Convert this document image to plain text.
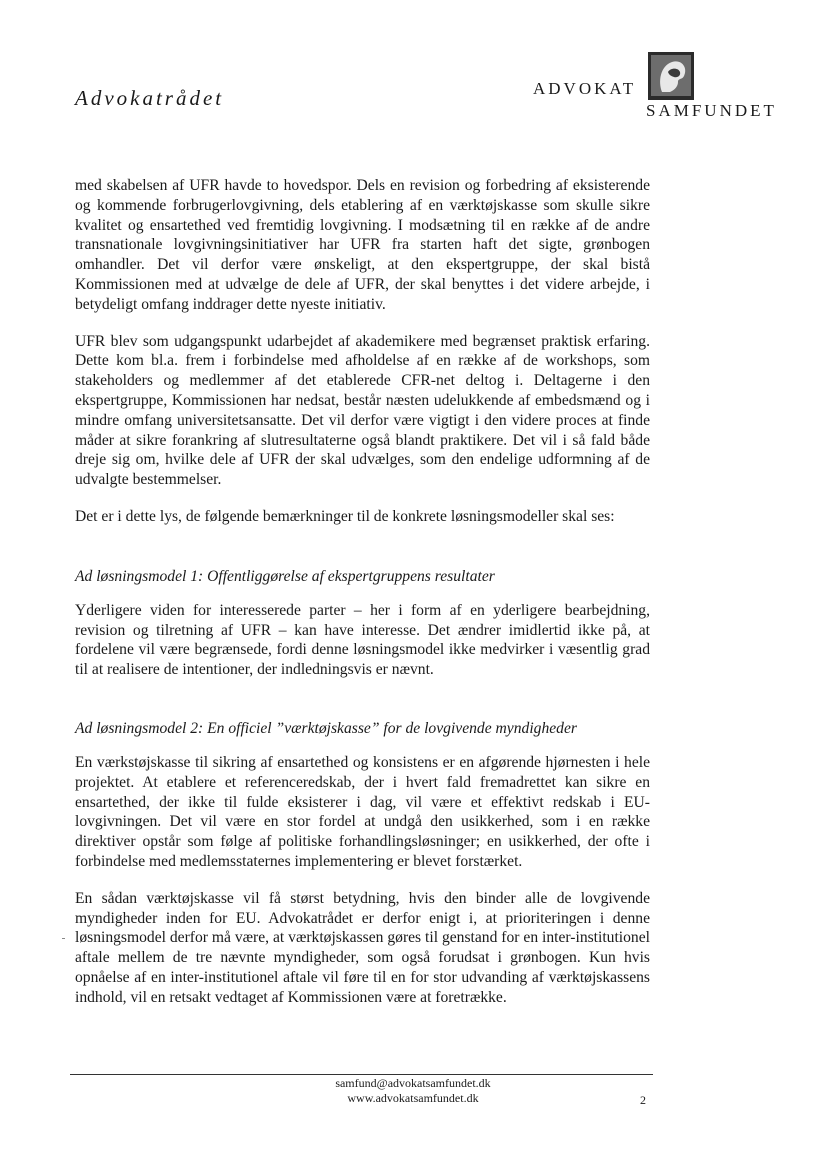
Advokatrådet	ADVOKAT
SAMFUNDET

med skabelsen af UFR havde to hovedspor. Dels en revision og forbedring af eksisterende og kommende forbrugerlovgivning, dels etablering af en værktøjskasse som skulle sikre kvalitet og ensartethed ved fremtidig lovgivning. I modsætning til en række af de andre transnationale lovgivningsinitiativer har UFR fra starten haft det sigte, grønbogen omhandler. Det vil derfor være ønskeligt, at den ekspertgruppe, der skal bistå Kommissionen med at udvælge de dele af UFR, der skal benyttes i det videre arbejde, i betydeligt omfang inddrager dette nyeste initiativ.

UFR blev som udgangspunkt udarbejdet af akademikere med begrænset praktisk erfaring. Dette kom bl.a. frem i forbindelse med afholdelse af en række af de workshops, som stakeholders og medlemmer af det etablerede CFR-net deltog i. Deltagerne i den ekspertgruppe, Kommissionen har nedsat, består næsten udelukkende af embedsmænd og i mindre omfang universitetsansatte. Det vil derfor være vigtigt i den videre proces at finde måder at sikre forankring af slutresultaterne også blandt praktikere. Det vil i så fald både dreje sig om, hvilke dele af UFR der skal udvælges, som den endelige udformning af de udvalgte bestemmelser.

Det er i dette lys, de følgende bemærkninger til de konkrete løsningsmodeller skal ses:

Ad løsningsmodel 1: Offentliggørelse af ekspertgruppens resultater

Yderligere viden for interesserede parter – her i form af en yderligere bearbejdning, revision og tilretning af UFR – kan have interesse. Det ændrer imidlertid ikke på, at fordelene vil være begrænsede, fordi denne løsningsmodel ikke medvirker i væsentlig grad til at realisere de intentioner, der indledningsvis er nævnt.

Ad løsningsmodel 2: En officiel ”værktøjskasse” for de lovgivende myndigheder

En værkstøjskasse til sikring af ensartethed og konsistens er en afgørende hjørnesten i hele projektet. At etablere et referenceredskab, der i hvert fald fremadrettet kan sikre en ensartethed, der ikke til fulde eksisterer i dag, vil være et effektivt redskab i EU-lovgivningen. Det vil være en stor fordel at undgå den usikkerhed, som i en række direktiver opstår som følge af politiske forhandlingsløsninger; en usikkerhed, der ofte i forbindelse med medlemsstaternes implementering er blevet forstærket.

En sådan værktøjskasse vil få størst betydning, hvis den binder alle de lovgivende myndigheder inden for EU. Advokatrådet er derfor enigt i, at prioriteringen i denne løsningsmodel derfor må være, at værktøjskassen gøres til genstand for en inter-institutionel aftale mellem de tre nævnte myndigheder, som også forudsat i grønbogen. Kun hvis opnåelse af en inter-institutionel aftale vil føre til en for stor udvanding af værktøjskassens indhold, vil en retsakt vedtaget af Kommissionen være at foretrække.

samfund@advokatsamfundet.dk
www.advokatsamfundet.dk	2
